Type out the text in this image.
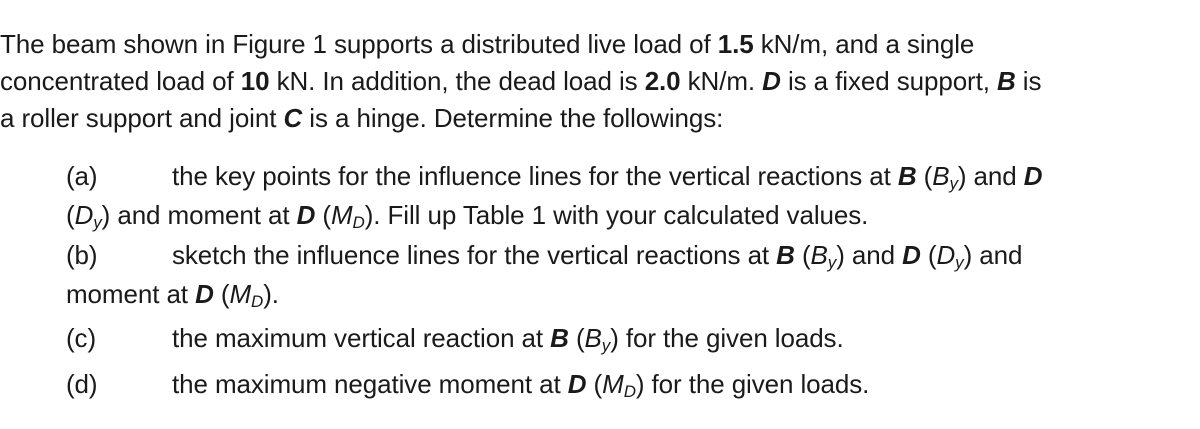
The beam shown in Figure 1 supports a distributed live load of 1.5 kN/m, and a single
concentrated load of 10 kN. In addition, the dead load is 2.0 kN/m. D is a fixed support, B is
a roller support and joint C is a hinge. Determine the followings:
(a)	the key points for the influence lines for the vertical reactions at B $(B_y)$ and D
$(D_y)$ and moment at D $(M_D)$. Fill up Table 1 with your calculated values.
(b)	sketch the influence lines for the vertical reactions at B $(B_y)$ and D $(D_y)$ and
moment at D $(M_D)$.
(c)	the maximum vertical reaction at B $(B_y)$ for the given loads.
(d)	the maximum negative moment at D $(M_D)$ for the given loads.
